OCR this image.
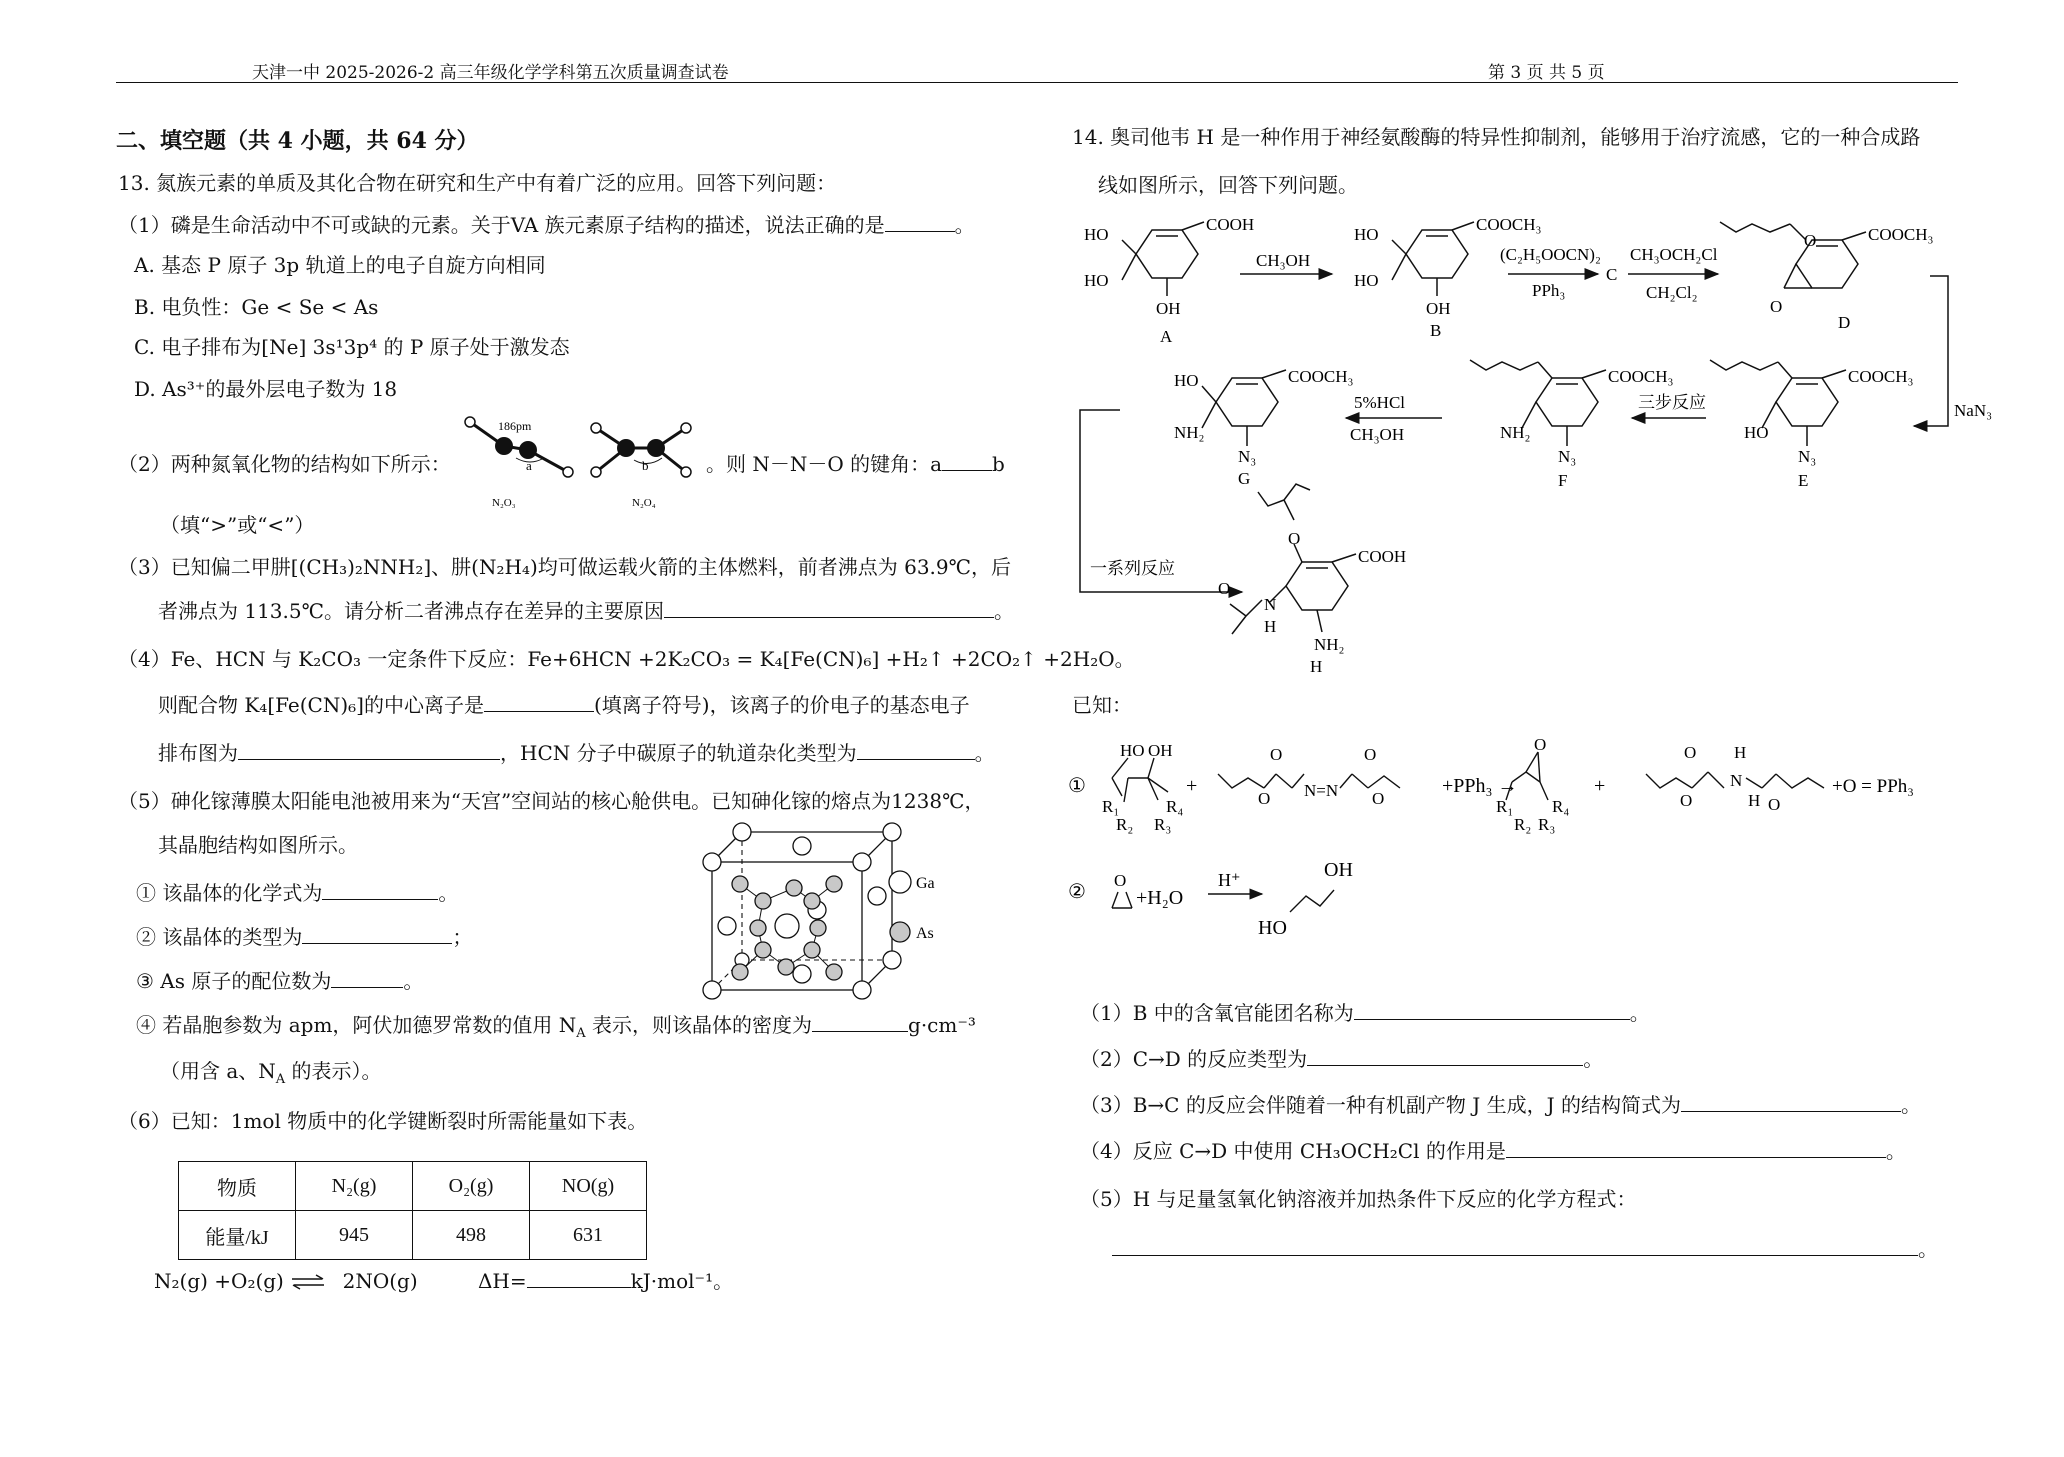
天津一中 2025-2026-2 高三年级化学学科第五次质量调查试卷	第 3 页 共 5 页
二、填空题（共 4 小题，共 64 分）
13. 氮族元素的单质及其化合物在研究和生产中有着广泛的应用。回答下列问题：
（1）磷是生命活动中不可或缺的元素。关于VA 族元素原子结构的描述，说法正确的是	。
A. 基态 P 原子 3p 轨道上的电子自旋方向相同
B. 电负性：Ge < Se < As
C. 电子排布为[Ne] 3s¹3p⁴ 的 P 原子处于激发态
D. As³⁺的最外层电子数为 18
（2）两种氮氧化物的结构如下所示：
186pm
a
N₂O₃
b
N₂O₄
。则 N－N－O 的键角：a	b
（填“>”或“<”）
（3）已知偏二甲肼[(CH₃)₂NNH₂]、肼(N₂H₄)均可做运载火箭的主体燃料，前者沸点为 63.9℃，后
者沸点为 113.5℃。请分析二者沸点存在差异的主要原因	。
（4）Fe、HCN 与 K₂CO₃ 一定条件下反应：Fe+6HCN +2K₂CO₃ = K₄[Fe(CN)₆] +H₂↑ +2CO₂↑ +2H₂O。
则配合物 K₄[Fe(CN)₆]的中心离子是	(填离子符号)，该离子的价电子的基态电子
排布图为	，HCN 分子中碳原子的轨道杂化类型为	。
（5）砷化镓薄膜太阳能电池被用来为“天宫”空间站的核心舱供电。已知砷化镓的熔点为1238℃，
其晶胞结构如图所示。
Ga
As
① 该晶体的化学式为	。
② 该晶体的类型为	；
③ As 原子的配位数为	。
④ 若晶胞参数为 apm，阿伏加德罗常数的值用 $N_A$ 表示，则该晶体的密度为	g·cm⁻³
（用含 a、$N_A$ 的表示）。
（6）已知：1mol 物质中的化学键断裂时所需能量如下表。
物质	N₂(g)	O₂(g)	NO(g)
能量/kJ	945	498	631
N₂(g) +O₂(g) ⇌ 2NO(g)	ΔH=	kJ·mol⁻¹。
14. 奥司他韦 H 是一种作用于神经氨酸酶的特异性抑制剂，能够用于治疗流感，它的一种合成路
线如图所示，回答下列问题。
COOH
HO
HO
OH
A
COOCH₃
HO
HO
OH
B
CH₃OH	(C₂H₅OOCN)₂
PPh₃
C
CH₃OCH₂Cl
CH₂Cl₂
COOCH₃
O
D
O
NaN₃
COOCH₃
HO
N₃
E
COOCH₃
NH₂
N₃
F
三步反应
COOCH₃
HO
NH₂
N₃
G
5%HCl
CH₃OH
一系列反应
COOH
O
N
O
H
NH₂
H
已知：
①
HO OH
R₁
R₂ R₃
R₄
+
O
O N=N
O
O
+PPh₃ →
O
R₁
R₂ R₃
R₄
+
O
O
H
N
H O
+O = PPh₃
②
O
+H₂O
H⁺	OH
HO
（1）B 中的含氧官能团名称为	。
（2）C→D 的反应类型为	。
（3）B→C 的反应会伴随着一种有机副产物 J 生成，J 的结构简式为	。
（4）反应 C→D 中使用 CH₃OCH₂Cl 的作用是	。
（5）H 与足量氢氧化钠溶液并加热条件下反应的化学方程式：
。
